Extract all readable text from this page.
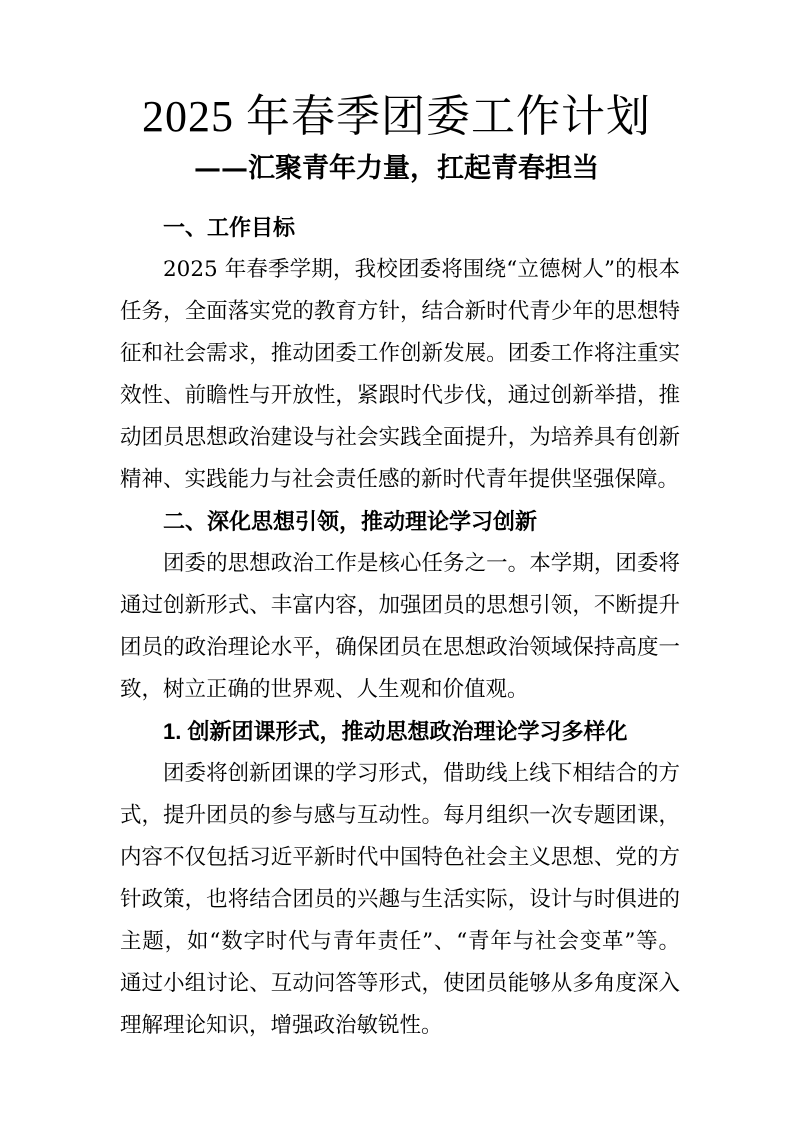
2025 年春季团委工作计划
——汇聚青年力量，扛起青春担当
一、工作目标
2025 年春季学期，我校团委将围绕“立德树人”的根本
任务，全面落实党的教育方针，结合新时代青少年的思想特
征和社会需求，推动团委工作创新发展。团委工作将注重实
效性、前瞻性与开放性，紧跟时代步伐，通过创新举措，推
动团员思想政治建设与社会实践全面提升，为培养具有创新
精神、实践能力与社会责任感的新时代青年提供坚强保障。
二、深化思想引领，推动理论学习创新
团委的思想政治工作是核心任务之一。本学期，团委将
通过创新形式、丰富内容，加强团员的思想引领，不断提升
团员的政治理论水平，确保团员在思想政治领域保持高度一
致，树立正确的世界观、人生观和价值观。
1. 创新团课形式，推动思想政治理论学习多样化
团委将创新团课的学习形式，借助线上线下相结合的方
式，提升团员的参与感与互动性。每月组织一次专题团课，
内容不仅包括习近平新时代中国特色社会主义思想、党的方
针政策，也将结合团员的兴趣与生活实际，设计与时俱进的
主题，如“数字时代与青年责任”、“青年与社会变革”等。
通过小组讨论、互动问答等形式，使团员能够从多角度深入
理解理论知识，增强政治敏锐性。
